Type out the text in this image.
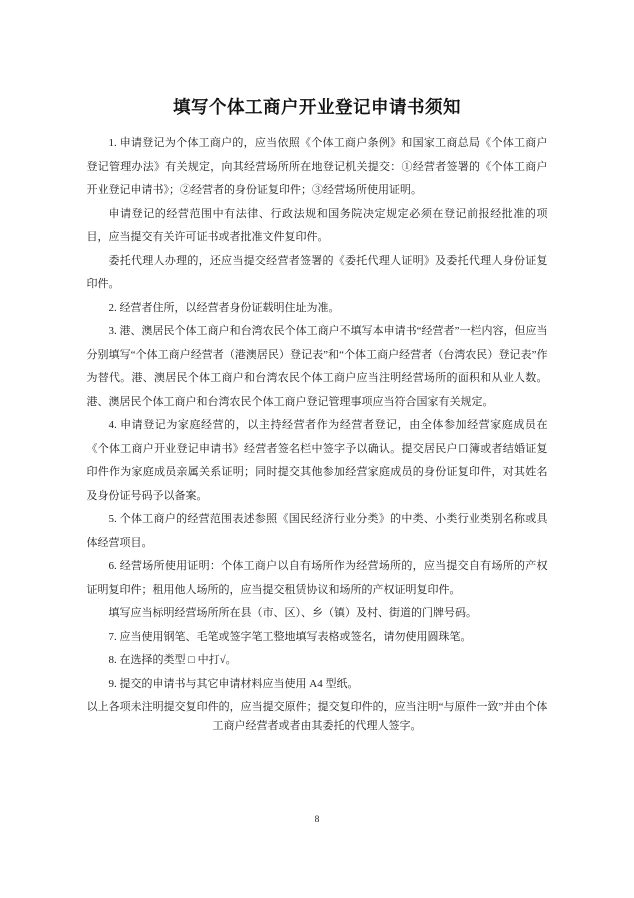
填写个体工商户开业登记申请书须知

1. 申请登记为个体工商户的，应当依照《个体工商户条例》和国家工商总局《个体工商户登记管理办法》有关规定，向其经营场所所在地登记机关提交：①经营者签署的《个体工商户开业登记申请书》；②经营者的身份证复印件；③经营场所使用证明。

申请登记的经营范围中有法律、行政法规和国务院决定规定必须在登记前报经批准的项目，应当提交有关许可证书或者批准文件复印件。

委托代理人办理的，还应当提交经营者签署的《委托代理人证明》及委托代理人身份证复印件。

2. 经营者住所，以经营者身份证载明住址为准。

3. 港、澳居民个体工商户和台湾农民个体工商户不填写本申请书“经营者”一栏内容，但应当分别填写“个体工商户经营者（港澳居民）登记表”和“个体工商户经营者（台湾农民）登记表”作为替代。港、澳居民个体工商户和台湾农民个体工商户应当注明经营场所的面积和从业人数。港、澳居民个体工商户和台湾农民个体工商户登记管理事项应当符合国家有关规定。

4. 申请登记为家庭经营的，以主持经营者作为经营者登记，由全体参加经营家庭成员在《个体工商户开业登记申请书》经营者签名栏中签字予以确认。提交居民户口簿或者结婚证复印件作为家庭成员亲属关系证明；同时提交其他参加经营家庭成员的身份证复印件，对其姓名及身份证号码予以备案。

5. 个体工商户的经营范围表述参照《国民经济行业分类》的中类、小类行业类别名称或具体经营项目。

6. 经营场所使用证明：个体工商户以自有场所作为经营场所的，应当提交自有场所的产权证明复印件；租用他人场所的，应当提交租赁协议和场所的产权证明复印件。

填写应当标明经营场所所在县（市、区）、乡（镇）及村、街道的门牌号码。

7. 应当使用钢笔、毛笔或签字笔工整地填写表格或签名，请勿使用圆珠笔。

8. 在选择的类型 □ 中打√。

9. 提交的申请书与其它申请材料应当使用 A4 型纸。

以上各项未注明提交复印件的，应当提交原件；提交复印件的，应当注明“与原件一致”并由个体工商户经营者或者由其委托的代理人签字。

8
